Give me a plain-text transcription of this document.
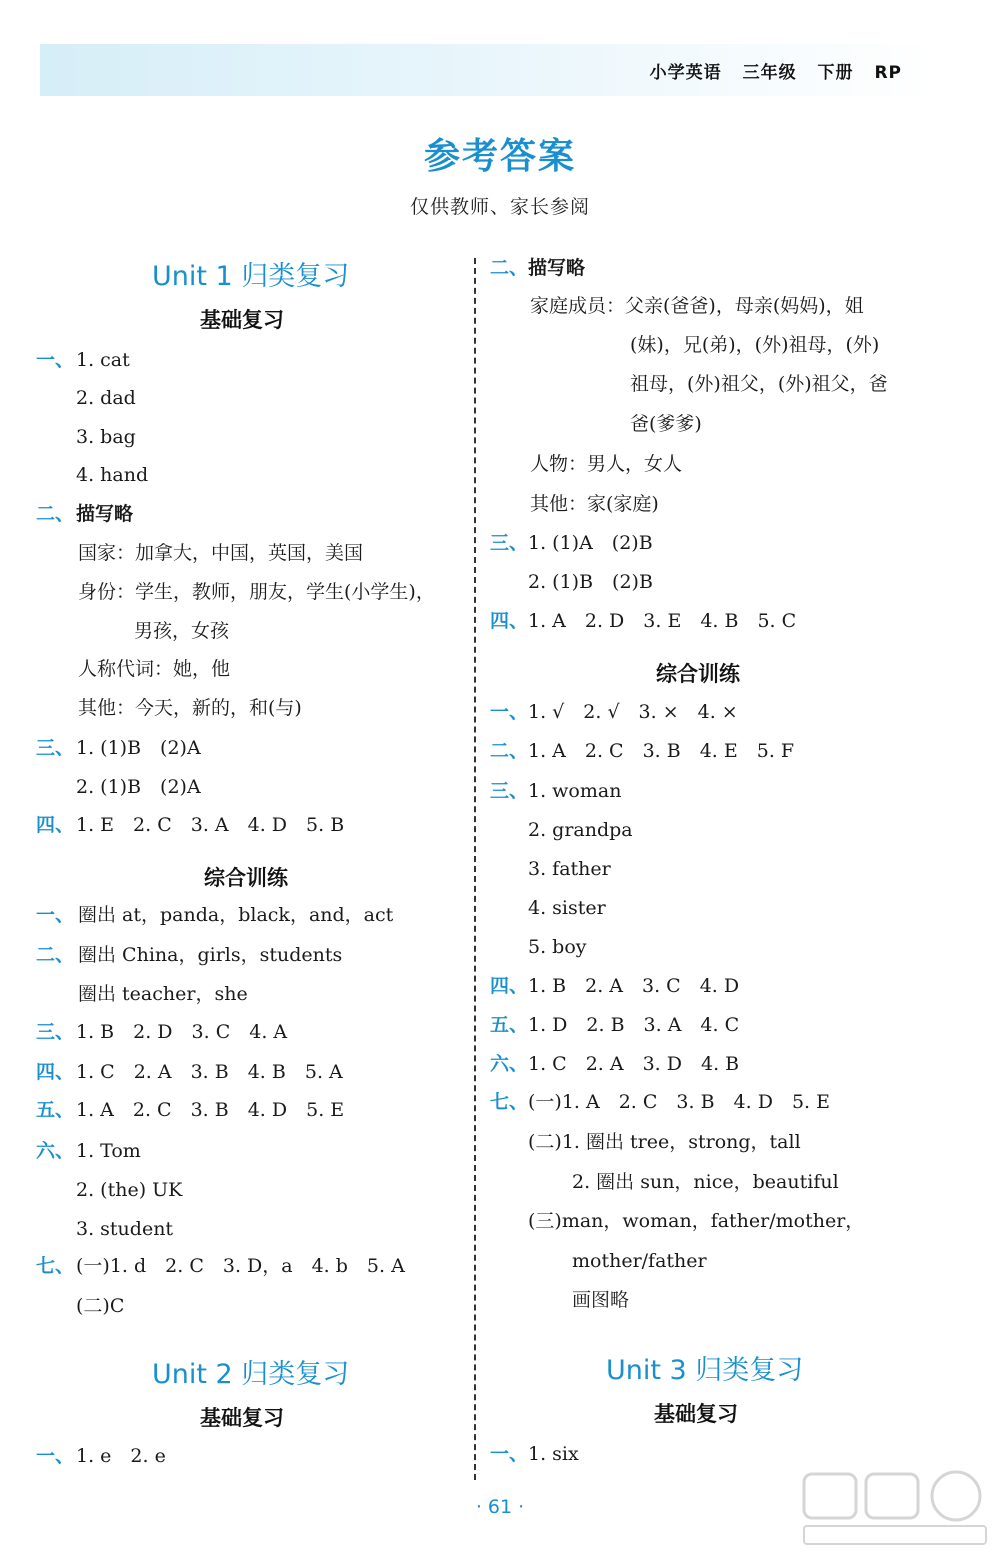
小学英语 三年级 下册 RP
参考答案
仅供教师、家长参阅
Unit 1 归类复习
基础复习
一、 1. cat
2. dad
3. bag
4. hand
二、 描写略
国家：加拿大，中国，英国，美国
身份：学生，教师，朋友，学生(小学生)，
男孩，女孩
人称代词：她，他
其他：今天，新的，和(与)
三、 1. (1)B　(2)A
2. (1)B　(2)A
四、 1. E　2. C　3. A　4. D　5. B
综合训练
一、 圈出 at，panda，black，and，act
二、 圈出 China，girls，students
圈出 teacher，she
三、 1. B　2. D　3. C　4. A
四、 1. C　2. A　3. B　4. B　5. A
五、 1. A　2. C　3. B　4. D　5. E
六、 1. Tom
2. (the) UK
3. student
七、 (一)1. d　2. C　3. D，a　4. b　5. A
(二)C
Unit 2 归类复习
基础复习
一、 1. e　2. e
二、 描写略
家庭成员：父亲(爸爸)，母亲(妈妈)，姐
(妹)，兄(弟)，(外)祖母，(外)
祖母，(外)祖父，(外)祖父，爸
爸(爹爹)
人物：男人，女人
其他：家(家庭)
三、 1. (1)A　(2)B
2. (1)B　(2)B
四、 1. A　2. D　3. E　4. B　5. C
综合训练
一、 1. √　2. √　3. ×　4. ×
二、 1. A　2. C　3. B　4. E　5. F
三、 1. woman
2. grandpa
3. father
4. sister
5. boy
四、 1. B　2. A　3. C　4. D
五、 1. D　2. B　3. A　4. C
六、 1. C　2. A　3. D　4. B
七、 (一)1. A　2. C　3. B　4. D　5. E
(二)1. 圈出 tree，strong，tall
2. 圈出 sun，nice，beautiful
(三)man，woman，father/mother，
mother/father
画图略
Unit 3 归类复习
基础复习
一、 1. six
· 61 ·
